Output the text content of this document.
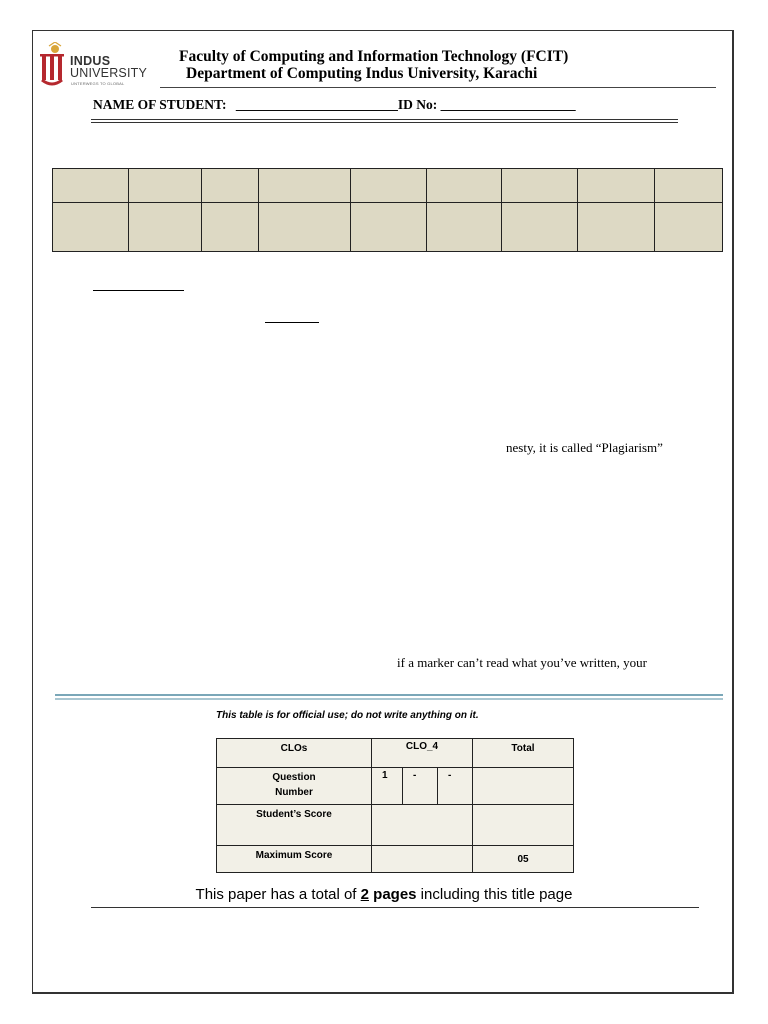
INDUS
UNIVERSITY
UNTERWEGS TO GLOBAL
Faculty of Computing and Information Technology (FCIT)
Department of Computing Indus University, Karachi
NAME OF STUDENT: ________________________ID No: ____________________

nesty, it is called “Plagiarism”
if a marker can’t read what you’ve written, your
This table is for official use; do not write anything on it.
CLOs	CLO_4			Total
Question
Number	1	-	-	
Student’s Score				
Maximum Score				05
This paper has a total of 2 pages including this title page
